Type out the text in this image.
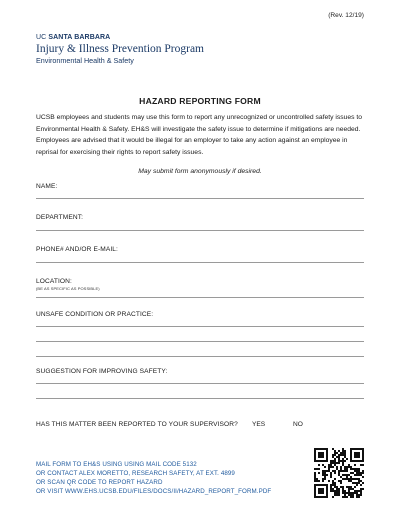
(Rev. 12/19)
UC SANTA BARBARA
Injury & Illness Prevention Program
Environmental Health & Safety
HAZARD REPORTING FORM
UCSB employees and students may use this form to report any unrecognized or uncontrolled safety issues to Environmental Health & Safety. EH&S will investigate the safety issue to determine if mitigations are needed. Employees are advised that it would be illegal for an employer to take any action against an employee in reprisal for exercising their rights to report safety issues.
May submit form anonymously if desired.
NAME:
DEPARTMENT:
PHONE# AND/OR E-MAIL:
LOCATION:
(BE AS SPECIFIC AS POSSIBLE)
UNSAFE CONDITION OR PRACTICE:
SUGGESTION FOR IMPROVING SAFETY:
HAS THIS MATTER BEEN REPORTED TO YOUR SUPERVISOR? YES	NO
MAIL FORM TO EH&S USING USING MAIL CODE 5132
OR CONTACT ALEX MORETTO, RESEARCH SAFETY, AT EXT. 4899
OR SCAN QR CODE TO REPORT HAZARD
OR VISIT WWW.EHS.UCSB.EDU/FILES/DOCS/II/HAZARD_REPORT_FORM.PDF
